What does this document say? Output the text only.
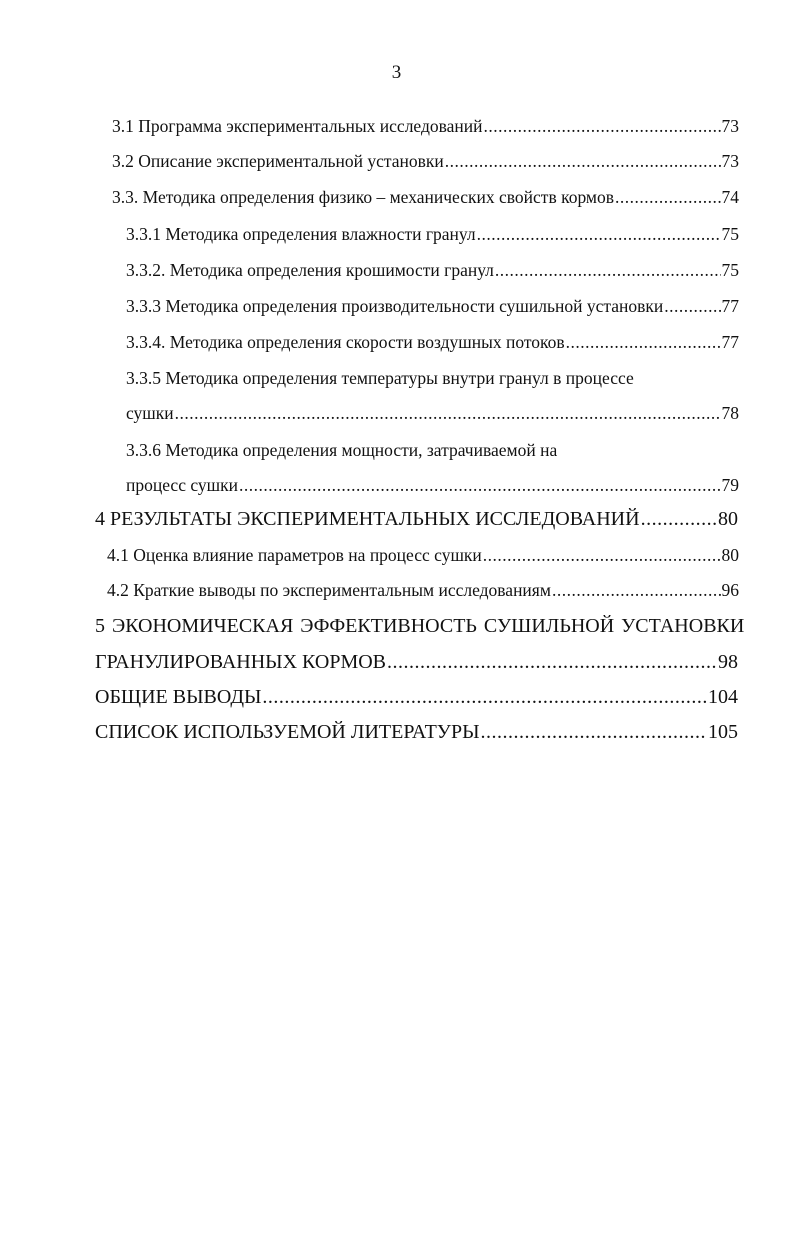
3
3.1 Программа экспериментальных исследований .....	73
3.2 Описание экспериментальной установки .....	73
3.3. Методика определения физико – механических свойств кормов .....	74
3.3.1 Методика определения влажности гранул .....	75
3.3.2. Методика определения крошимости гранул .....	75
3.3.3 Методика определения производительности сушильной установки .....	77
3.3.4. Методика определения скорости воздушных потоков .....	77
3.3.5 Методика определения температуры внутри гранул в процессе
сушки .....	78
3.3.6 Методика определения мощности, затрачиваемой на
процесс сушки .....	79
4 РЕЗУЛЬТАТЫ ЭКСПЕРИМЕНТАЛЬНЫХ ИССЛЕДОВАНИЙ .....	80
4.1 Оценка влияние параметров на процесс сушки .....	80
4.2 Краткие выводы по экспериментальным исследованиям .....	96
5 ЭКОНОМИЧЕСКАЯ ЭФФЕКТИВНОСТЬ СУШИЛЬНОЙ УСТАНОВКИ
ГРАНУЛИРОВАННЫХ КОРМОВ .....	98
ОБЩИЕ ВЫВОДЫ .....	104
СПИСОК ИСПОЛЬЗУЕМОЙ ЛИТЕРАТУРЫ .....	105
